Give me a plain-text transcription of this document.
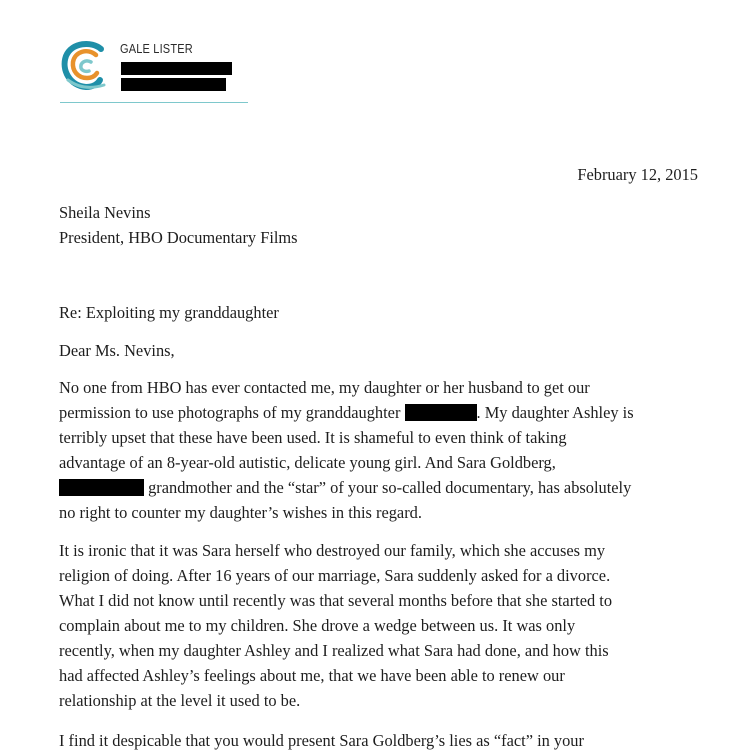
GALE LISTER
February 12, 2015
Sheila Nevins
President, HBO Documentary Films
Re: Exploiting my granddaughter
Dear Ms. Nevins,
No one from HBO has ever contacted me, my daughter or her husband to get our
permission to use photographs of my granddaughter	. My daughter Ashley is
terribly upset that these have been used. It is shameful to even think of taking
advantage of an 8-year-old autistic, delicate young girl. And Sara Goldberg,
grandmother and the “star” of your so-called documentary, has absolutely
no right to counter my daughter’s wishes in this regard.
It is ironic that it was Sara herself who destroyed our family, which she accuses my
religion of doing. After 16 years of our marriage, Sara suddenly asked for a divorce.
What I did not know until recently was that several months before that she started to
complain about me to my children. She drove a wedge between us. It was only
recently, when my daughter Ashley and I realized what Sara had done, and how this
had affected Ashley’s feelings about me, that we have been able to renew our
relationship at the level it used to be.
I find it despicable that you would present Sara Goldberg’s lies as “fact” in your
